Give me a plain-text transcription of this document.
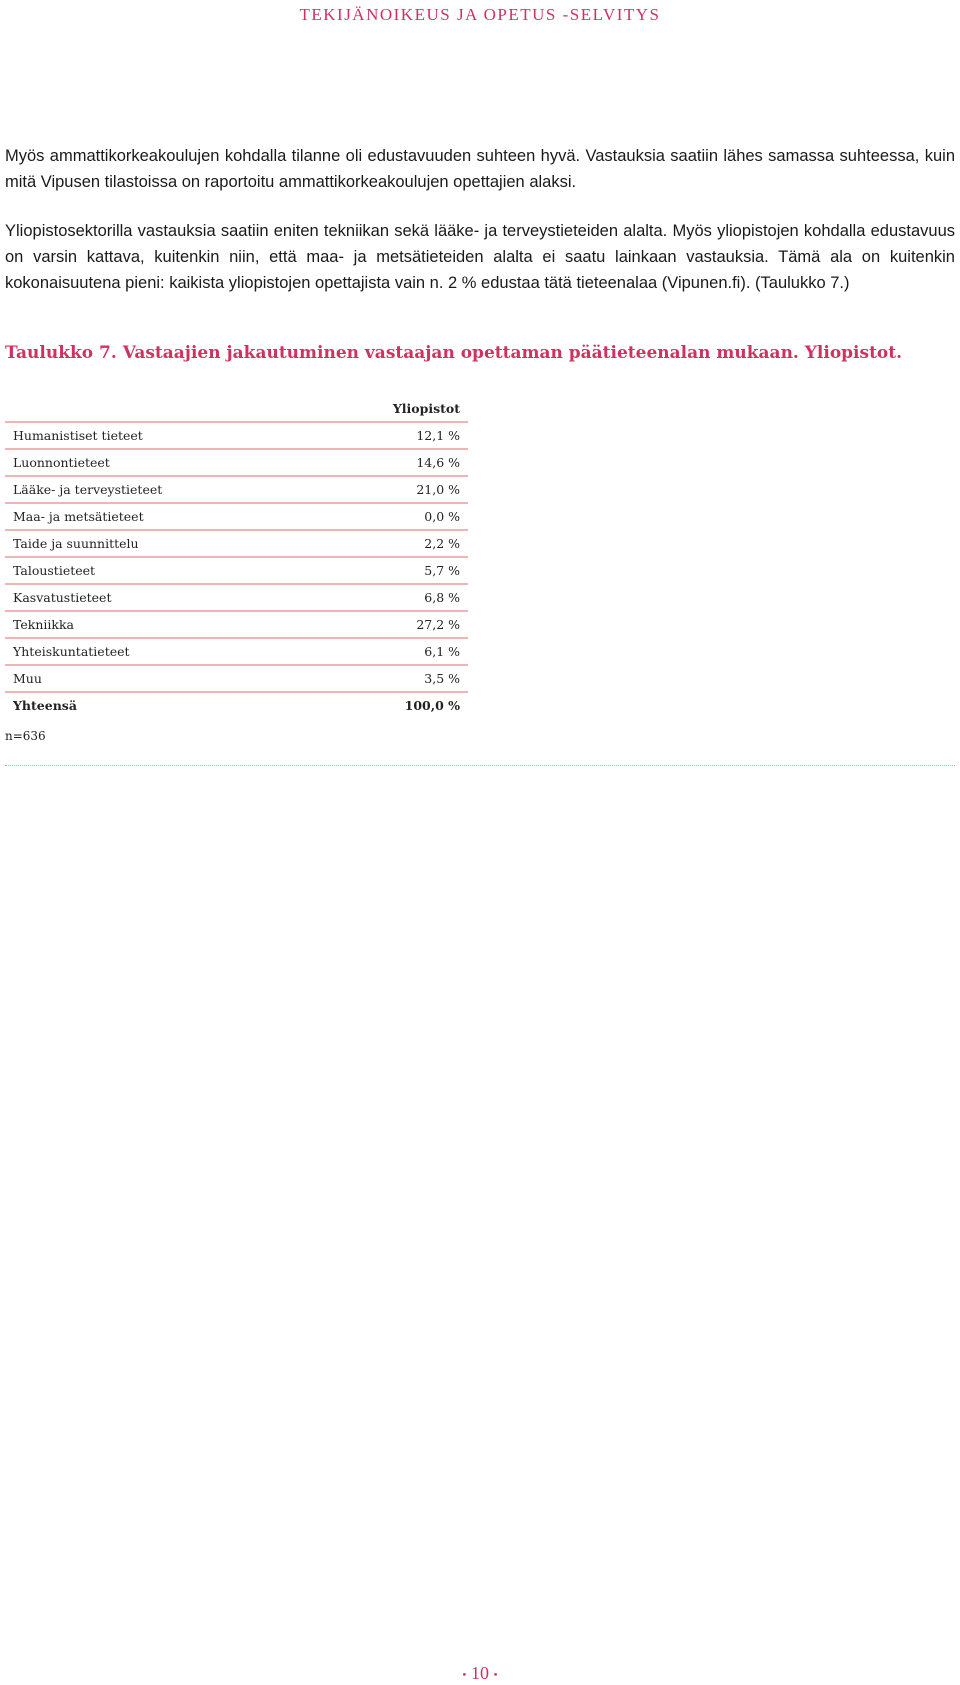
TEKIJÄNOIKEUS JA OPETUS -SELVITYS

Myös ammattikorkeakoulujen kohdalla tilanne oli edustavuuden suhteen hyvä. Vastauksia saatiin lähes samassa suhteessa, kuin mitä Vipusen tilastoissa on raportoitu ammattikorkeakoulujen opettajien alaksi.

Yliopistosektorilla vastauksia saatiin eniten tekniikan sekä lääke- ja terveystieteiden alalta. Myös yliopistojen kohdalla edustavuus on varsin kattava, kuitenkin niin, että maa- ja metsätieteiden alalta ei saatu lainkaan vastauksia. Tämä ala on kuitenkin kokonaisuutena pieni: kaikista yliopistojen opettajista vain n. 2 % edustaa tätä tieteenalaa (Vipunen.fi). (Taulukko 7.)

Taulukko 7. Vastaajien jakautuminen vastaajan opettaman päätieteenalan mukaan. Yliopistot.

	Yliopistot
Humanistiset tieteet	12,1 %
Luonnontieteet	14,6 %
Lääke- ja terveystieteet	21,0 %
Maa- ja metsätieteet	0,0 %
Taide ja suunnittelu	2,2 %
Taloustieteet	5,7 %
Kasvatustieteet	6,8 %
Tekniikka	27,2 %
Yhteiskuntatieteet	6,1 %
Muu	3,5 %
Yhteensä	100,0 %
n=636
• 10 •
